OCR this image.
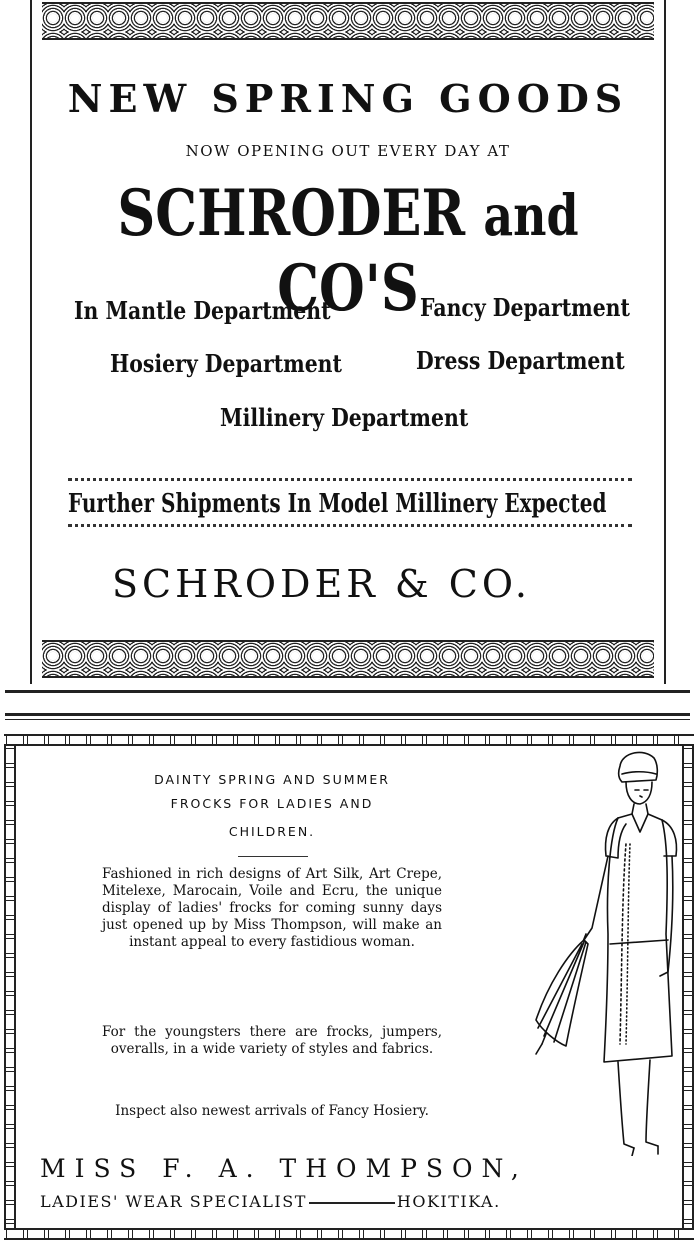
NEW SPRING GOODS
NOW OPENING OUT EVERY DAY AT
SCHRODER and CO'S
In Mantle Department	Fancy Department
Hosiery Department	Dress Department
Millinery Department
Further Shipments In Model Millinery Expected
SCHRODER & CO.
DAINTY SPRING AND SUMMER
FROCKS FOR LADIES AND
CHILDREN.
Fashioned in rich designs of Art Silk, Art Crepe, Mitelexe, Marocain, Voile and Ecru, the unique display of ladies' frocks for coming sunny days just opened up by Miss Thompson, will make an instant appeal to every fastidious woman.
For the youngsters there are frocks, jumpers, overalls, in a wide variety of styles and fabrics.
Inspect also newest arrivals of Fancy Hosiery.
MISS F. A. THOMPSON,
LADIES' WEAR SPECIALIST	HOKITIKA.
